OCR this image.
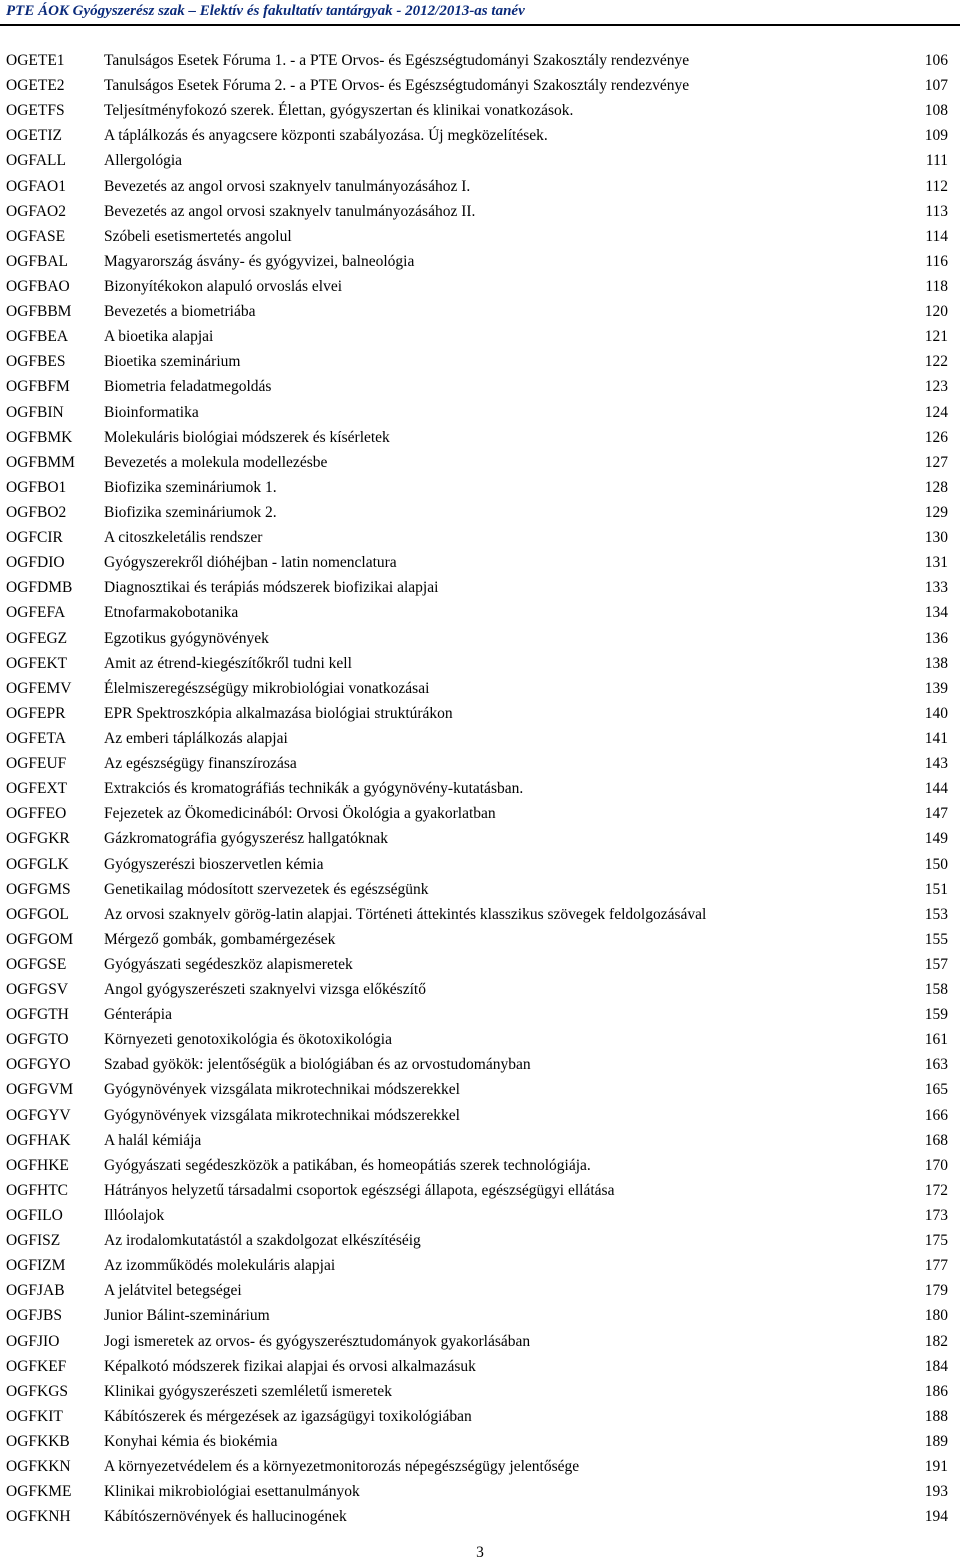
PTE ÁOK Gyógyszerész szak – Elektív és fakultatív tantárgyak - 2012/2013-as tanév
OGETE1	Tanulságos Esetek Fóruma 1. - a PTE Orvos- és Egészségtudományi Szakosztály rendezvénye	106
OGETE2	Tanulságos Esetek Fóruma 2. - a PTE Orvos- és Egészségtudományi Szakosztály rendezvénye	107
OGETFS	Teljesítményfokozó szerek. Élettan, gyógyszertan és klinikai vonatkozások.	108
OGETIZ	A táplálkozás és anyagcsere központi szabályozása. Új megközelítések.	109
OGFALL Allergológia	111
OGFAO1 Bevezetés az angol orvosi szaknyelv tanulmányozásához I.	112
OGFAO2 Bevezetés az angol orvosi szaknyelv tanulmányozásához II.	113
OGFASE	Szóbeli esetismertetés angolul	114
OGFBAL Magyarország ásvány- és gyógyvizei, balneológia	116
OGFBAO Bizonyítékokon alapuló orvoslás elvei	118
OGFBBM Bevezetés a biometriába	120
OGFBEA A bioetika alapjai	121
OGFBES Bioetika szeminárium	122
OGFBFM Biometria feladatmegoldás	123
OGFBIN	Bioinformatika	124
OGFBMK Molekuláris biológiai módszerek és kísérletek	126
OGFBMM Bevezetés a molekula modellezésbe	127
OGFBO1 Biofizika szemináriumok 1.	128
OGFBO2 Biofizika szemináriumok 2.	129
OGFCIR	A citoszkeletális rendszer	130
OGFDIO	Gyógyszerekről dióhéjban - latin nomenclatura	131
OGFDMB Diagnosztikai és terápiás módszerek biofizikai alapjai	133
OGFEFA	Etnofarmakobotanika	134
OGFEGZ Egzotikus gyógynövények	136
OGFEKT Amit az étrend-kiegészítőkről tudni kell	138
OGFEMV Élelmiszeregészségügy mikrobiológiai vonatkozásai	139
OGFEPR EPR Spektroszkópia alkalmazása biológiai struktúrákon	140
OGFETA Az emberi táplálkozás alapjai	141
OGFEUF Az egészségügy finanszírozása	143
OGFEXT Extrakciós és kromatográfiás technikák a gyógynövény-kutatásban.	144
OGFFEO Fejezetek az Ökomedicinából: Orvosi Ökológia a gyakorlatban	147
OGFGKR Gázkromatográfia gyógyszerész hallgatóknak	149
OGFGLK Gyógyszerészi bioszervetlen kémia	150
OGFGMS Genetikailag módosított szervezetek és egészségünk	151
OGFGOL Az orvosi szaknyelv görög-latin alapjai. Történeti áttekintés klasszikus szövegek feldolgozásával	153
OGFGOM Mérgező gombák, gombamérgezések	155
OGFGSE Gyógyászati segédeszköz alapismeretek	157
OGFGSV Angol gyógyszerészeti szaknyelvi vizsga előkészítő	158
OGFGTH Génterápia	159
OGFGTO Környezeti genotoxikológia és ökotoxikológia	161
OGFGYO Szabad gyökök: jelentőségük a biológiában és az orvostudományban	163
OGFGVM Gyógynövények vizsgálata mikrotechnikai módszerekkel	165
OGFGYV Gyógynövények vizsgálata mikrotechnikai módszerekkel	166
OGFHAK A halál kémiája	168
OGFHKE Gyógyászati segédeszközök a patikában, és homeopátiás szerek technológiája.	170
OGFHTC Hátrányos helyzetű társadalmi csoportok egészségi állapota, egészségügyi ellátása	172
OGFILO	Illóolajok	173
OGFISZ	Az irodalomkutatástól a szakdolgozat elkészítéséig	175
OGFIZM Az izomműködés molekuláris alapjai	177
OGFJAB	A jelátvitel betegségei	179
OGFJBS	Junior Bálint-szeminárium	180
OGFJIO	Jogi ismeretek az orvos- és gyógyszerésztudományok gyakorlásában	182
OGFKEF Képalkotó módszerek fizikai alapjai és orvosi alkalmazásuk	184
OGFKGS Klinikai gyógyszerészeti szemléletű ismeretek	186
OGFKIT	Kábítószerek és mérgezések az igazságügyi toxikológiában	188
OGFKKB Konyhai kémia és biokémia	189
OGFKKN A környezetvédelem és a környezetmonitorozás népegészségügy jelentősége	191
OGFKME Klinikai mikrobiológiai esettanulmányok	193
OGFKNH Kábítószernövények és hallucinogének	194
3
